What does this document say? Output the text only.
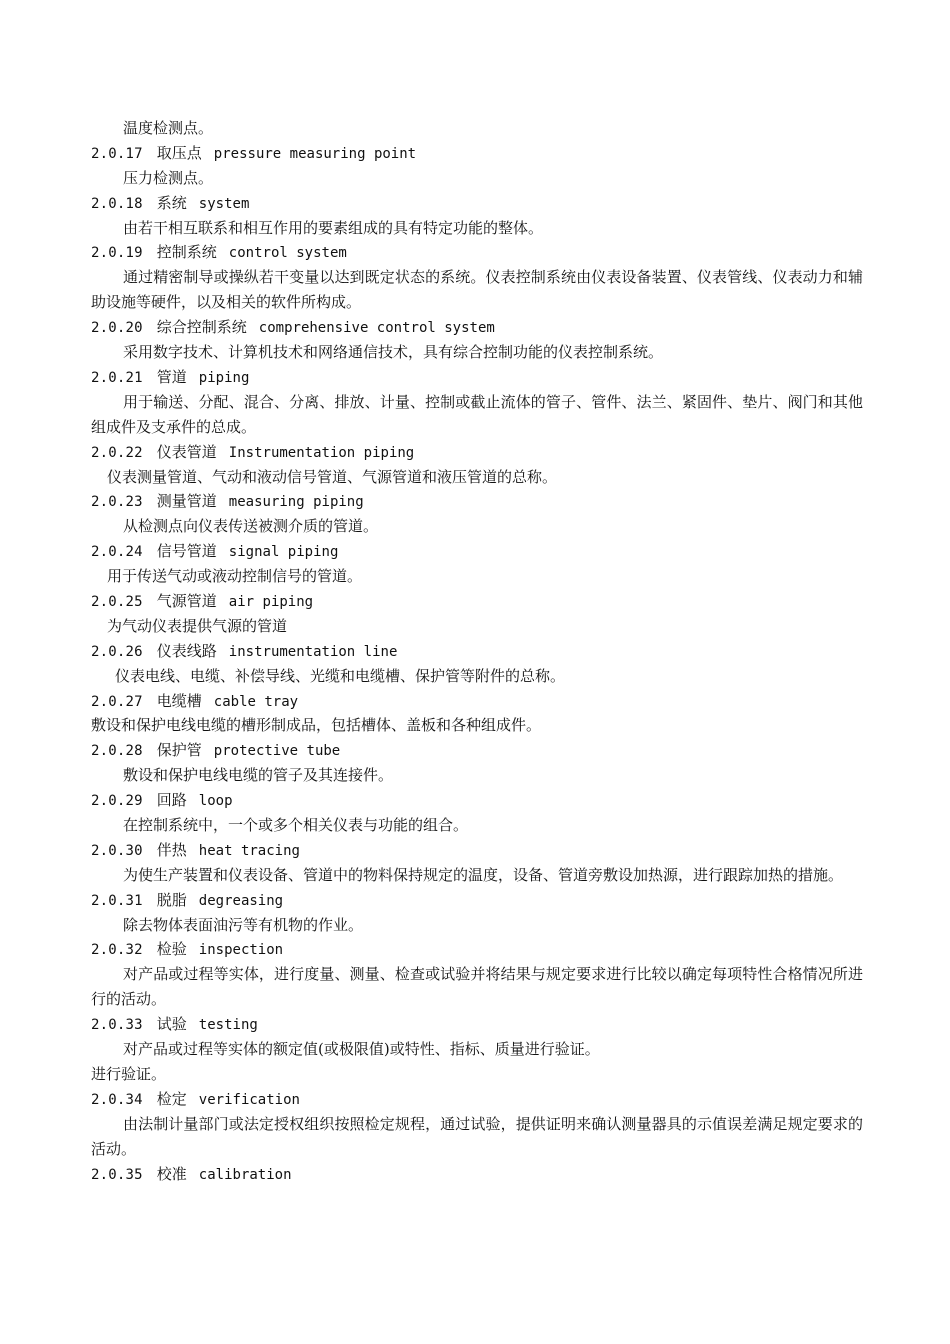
温度检测点。
2.0.17 取压点 pressure measuring point
压力检测点。
2.0.18 系统 system
由若干相互联系和相互作用的要素组成的具有特定功能的整体。
2.0.19 控制系统 control system
通过精密制导或操纵若干变量以达到既定状态的系统。仪表控制系统由仪表设备装置、仪表管线、仪表动力和辅助设施等硬件，以及相关的软件所构成。
2.0.20 综合控制系统 comprehensive control system
采用数字技术、计算机技术和网络通信技术，具有综合控制功能的仪表控制系统。
2.0.21 管道 piping
用于输送、分配、混合、分离、排放、计量、控制或截止流体的管子、管件、法兰、紧固件、垫片、阀门和其他组成件及支承件的总成。
2.0.22 仪表管道 Instrumentation piping
仪表测量管道、气动和液动信号管道、气源管道和液压管道的总称。
2.0.23 测量管道 measuring piping
从检测点向仪表传送被测介质的管道。
2.0.24 信号管道 signal piping
用于传送气动或液动控制信号的管道。
2.0.25 气源管道 air piping
为气动仪表提供气源的管道
2.0.26 仪表线路 instrumentation line
仪表电线、电缆、补偿导线、光缆和电缆槽、保护管等附件的总称。
2.0.27 电缆槽 cable tray
敷设和保护电线电缆的槽形制成品，包括槽体、盖板和各种组成件。
2.0.28 保护管 protective tube
敷设和保护电线电缆的管子及其连接件。
2.0.29 回路 loop
在控制系统中，一个或多个相关仪表与功能的组合。
2.0.30 伴热 heat tracing
为使生产装置和仪表设备、管道中的物料保持规定的温度，设备、管道旁敷设加热源，进行跟踪加热的措施。
2.0.31 脱脂 degreasing
除去物体表面油污等有机物的作业。
2.0.32 检验 inspection
对产品或过程等实体，进行度量、测量、检查或试验并将结果与规定要求进行比较以确定每项特性合格情况所进行的活动。
2.0.33 试验 testing
对产品或过程等实体的额定值(或极限值)或特性、指标、质量进行验证。
进行验证。
2.0.34 检定 verification
由法制计量部门或法定授权组织按照检定规程，通过试验，提供证明来确认测量器具的示值误差满足规定要求的活动。
2.0.35 校准 calibration
